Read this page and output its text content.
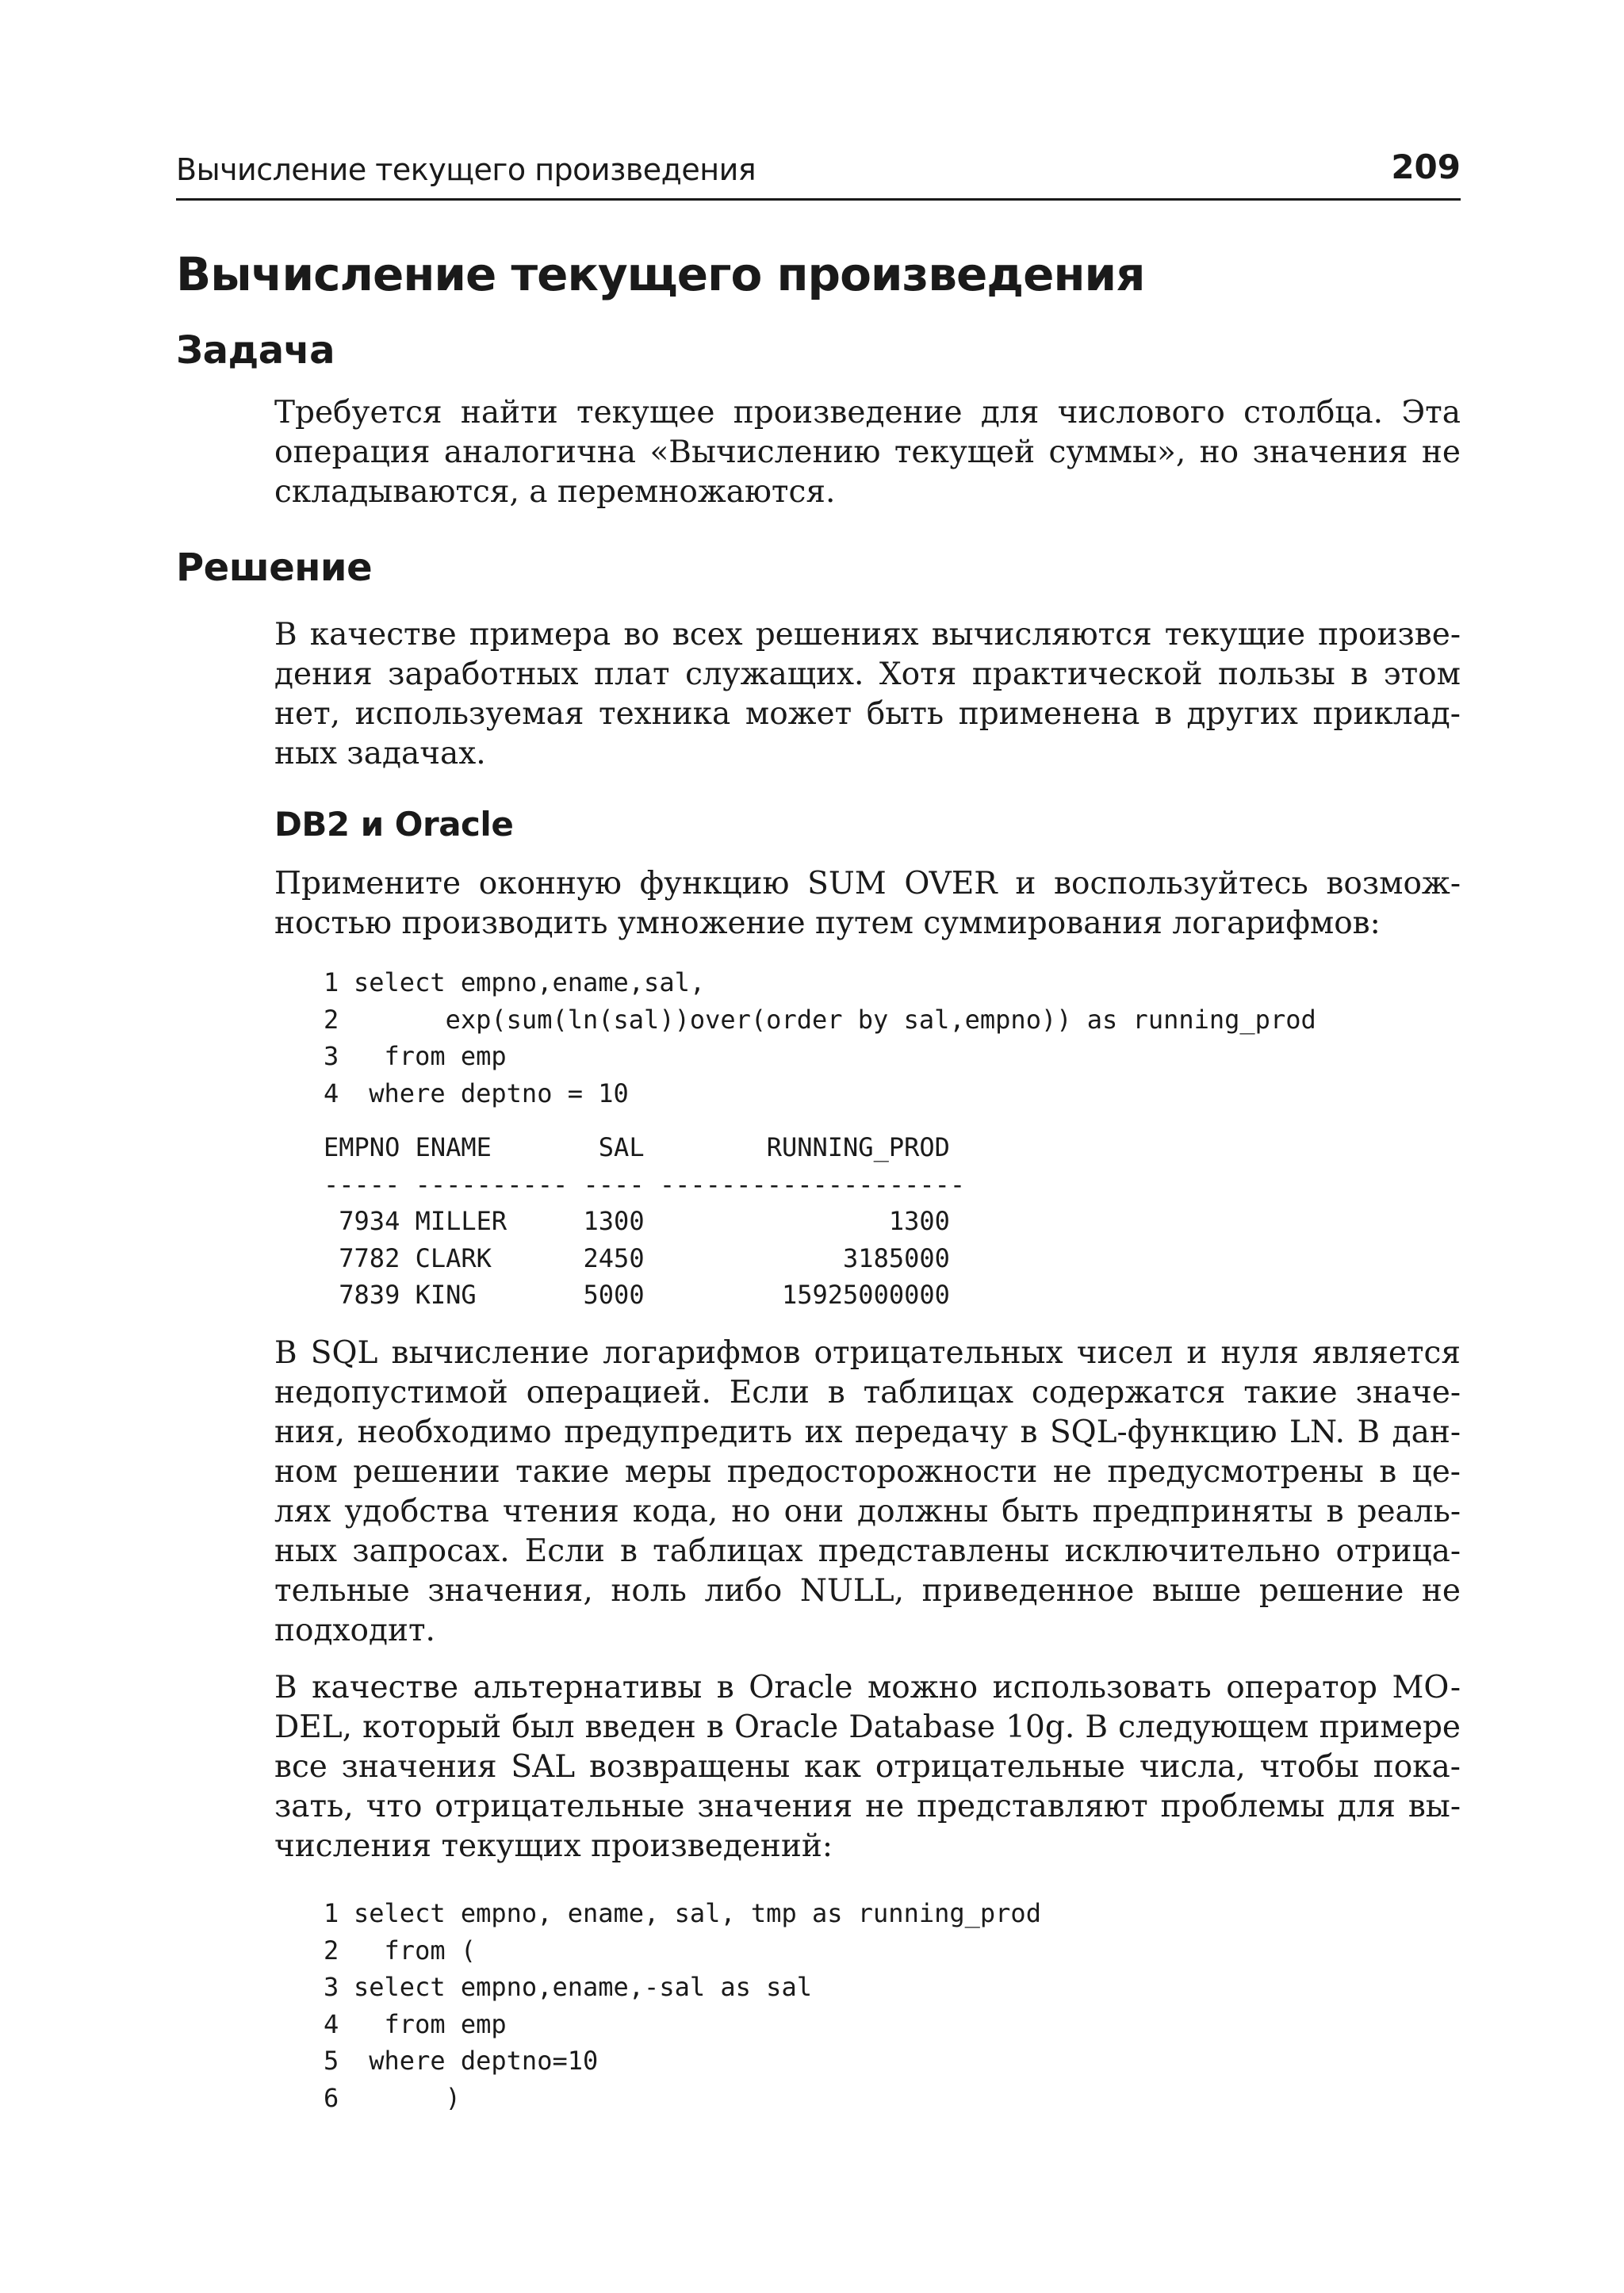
Вычисление текущего произведения	209
Вычисление текущего произведения
Задача
Требуется найти текущее произведение для числового столбца. Эта
операция аналогична «Вычислению текущей суммы», но значения не
складываются, а перемножаются.
Решение
В качестве примера во всех решениях вычисляются текущие произве-
дения заработных плат служащих. Хотя практической пользы в этом
нет, используемая техника может быть применена в других приклад-
ных задачах.
DB2 и Oracle
Примените оконную функцию SUM OVER и воспользуйтесь возмож-
ностью производить умножение путем суммирования логарифмов:
1 select empno,ename,sal,
2      exp(sum(ln(sal))over(order by sal,empno)) as running_prod
3  from emp
4 where deptno = 10
EMPNO ENAME       SAL        RUNNING_PROD
----- ---------- ---- --------------------
7934 MILLER     1300                1300
7782 CLARK      2450             3185000
7839 KING       5000         15925000000
В SQL вычисление логарифмов отрицательных чисел и нуля является
недопустимой операцией. Если в таблицах содержатся такие значе-
ния, необходимо предупредить их передачу в SQL-функцию LN. В дан-
ном решении такие меры предосторожности не предусмотрены в це-
лях удобства чтения кода, но они должны быть предприняты в реаль-
ных запросах. Если в таблицах представлены исключительно отрица-
тельные значения, ноль либо NULL, приведенное выше решение не
подходит.
В качестве альтернативы в Oracle можно использовать оператор MO-
DEL, который был введен в Oracle Database 10g. В следующем примере
все значения SAL возвращены как отрицательные числа, чтобы пока-
зать, что отрицательные значения не представляют проблемы для вы-
числения текущих произведений:
1 select empno, ename, sal, tmp as running_prod
2  from (
3 select empno,ename,-sal as sal
4  from emp
5 where deptno=10
6      )
